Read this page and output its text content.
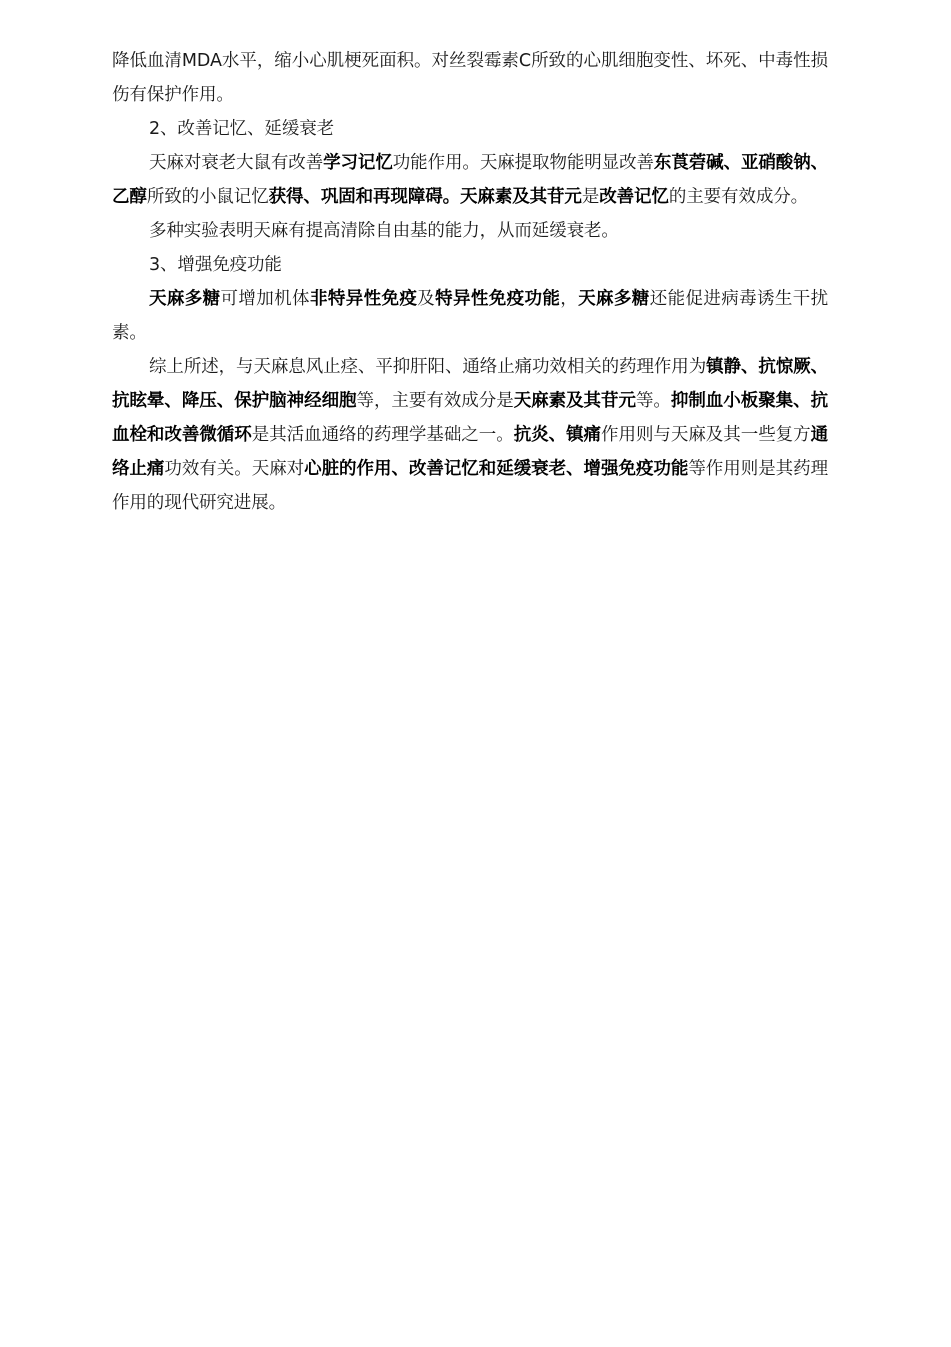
降低血清MDA水平，缩小心肌梗死面积。对丝裂霉素C所致的心肌细胞变性、坏死、中毒性损伤有保护作用。

2、改善记忆、延缓衰老

天麻对衰老大鼠有改善学习记忆功能作用。天麻提取物能明显改善东莨菪碱、亚硝酸钠、乙醇所致的小鼠记忆获得、巩固和再现障碍。天麻素及其苷元是改善记忆的主要有效成分。

多种实验表明天麻有提高清除自由基的能力，从而延缓衰老。

3、增强免疫功能

天麻多糖可增加机体非特异性免疫及特异性免疫功能，天麻多糖还能促进病毒诱生干扰素。

综上所述，与天麻息风止痉、平抑肝阳、通络止痛功效相关的药理作用为镇静、抗惊厥、抗眩晕、降压、保护脑神经细胞等，主要有效成分是天麻素及其苷元等。抑制血小板聚集、抗血栓和改善微循环是其活血通络的药理学基础之一。抗炎、镇痛作用则与天麻及其一些复方通络止痛功效有关。天麻对心脏的作用、改善记忆和延缓衰老、增强免疫功能等作用则是其药理作用的现代研究进展。
